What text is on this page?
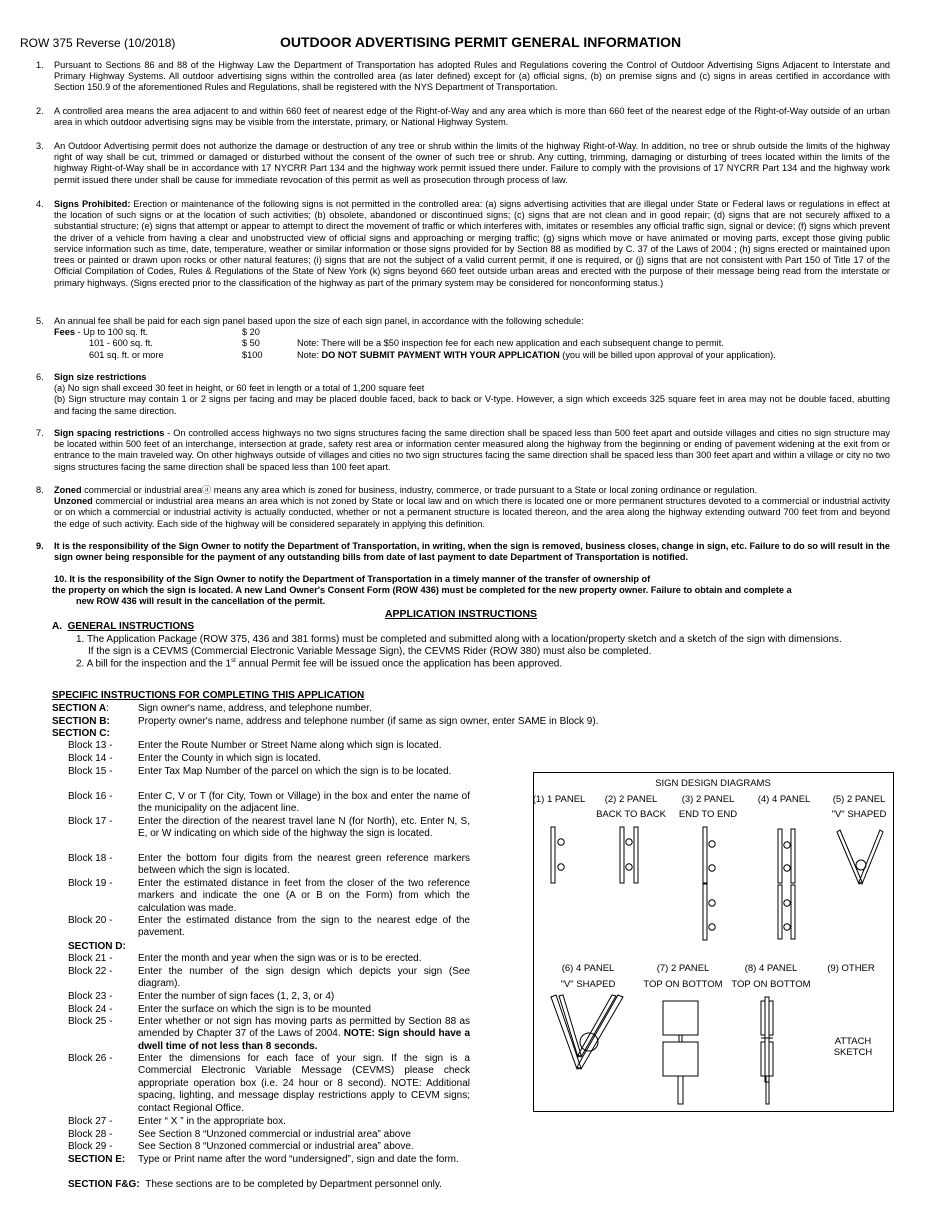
ROW 375 Reverse (10/2018)	OUTDOOR ADVERTISING PERMIT GENERAL INFORMATION
1. Pursuant to Sections 86 and 88 of the Highway Law the Department of Transportation has adopted Rules and Regulations covering the Control of Outdoor Advertising Signs Adjacent to Interstate and Primary Highway Systems. All outdoor advertising signs within the controlled area (as later defined) except for (a) official signs, (b) on premise signs and (c) signs in areas certified in accordance with Section 150.9 of the aforementioned Rules and Regulations, shall be registered with the NYS Department of Transportation.
2. A controlled area means the area adjacent to and within 660 feet of nearest edge of the Right-of-Way and any area which is more than 660 feet of the nearest edge of the Right-of-Way outside of an urban area in which outdoor advertising signs may be visible from the interstate, primary, or National Highway System.
3. An Outdoor Advertising permit does not authorize the damage or destruction of any tree or shrub within the limits of the highway Right-of-Way. In addition, no tree or shrub outside the limits of the highway right of way shall be cut, trimmed or damaged or disturbed without the consent of the owner of such tree or shrub. Any cutting, trimming, damaging or disturbing of trees located within the limits of the highway Right-of-Way shall be in accordance with 17 NYCRR Part 134 and the highway work permit issued there under. Failure to comply with the provisions of 17 NYCRR Part 134 and the highway work permit issued there under shall be cause for immediate revocation of this permit as well as prosecution through process of law.
4. Signs Prohibited: Erection or maintenance of the following signs is not permitted in the controlled area: (a) signs advertising activities that are illegal under State or Federal laws or regulations in effect at the location of such signs or at the location of such activities; (b) obsolete, abandoned or discontinued signs; (c) signs that are not clean and in good repair; (d) signs that are not securely affixed to a substantial structure; (e) signs that attempt or appear to attempt to direct the movement of traffic or which interferes with, imitates or resembles any official traffic sign, signal or device; (f) signs which prevent the driver of a vehicle from having a clear and unobstructed view of official signs and approaching or merging traffic; (g) signs which move or have animated or moving parts, except those giving public service information such as time, date, temperature, weather or similar information or those signs provided for by Section 88 as modified by C. 37 of the Laws of 2004 ; (h) signs erected or maintained upon trees or painted or drawn upon rocks or other natural features; (i) signs that are not the subject of a valid current permit, if one is required, or (j) signs that are not consistent with Part 150 of Title 17 of the Official Compilation of Codes, Rules & Regulations of the State of New York (k) signs beyond 660 feet outside urban areas and erected with the purpose of their message being read from the interstate or primary highways. (Signs erected prior to the classification of the highway as part of the primary system may be considered for nonconforming status.)
5. An annual fee shall be paid for each sign panel based upon the size of each sign panel, in accordance with the following schedule:
Fees - Up to 100 sq. ft.	$ 20	
101 - 600 sq. ft.	$ 50	Note: There will be a $50 inspection fee for each new application and each subsequent change to permit.
601 sq. ft. or more	$100	Note: DO NOT SUBMIT PAYMENT WITH YOUR APPLICATION (you will be billed upon approval of your application).
6. Sign size restrictions
(a) No sign shall exceed 30 feet in height, or 60 feet in length or a total of 1,200 square feet
(b) Sign structure may contain 1 or 2 signs per facing and may be placed double faced, back to back or V-type. However, a sign which exceeds 325 square feet in area may not be double faced, abutting and facing the same direction.
7. Sign spacing restrictions - On controlled access highways no two signs structures facing the same direction shall be spaced less than 500 feet apart and outside villages and cities no sign structure may be located within 500 feet of an interchange, intersection at grade, safety rest area or information center measured along the highway from the beginning or ending of pavement widening at the exit from or entrance to the main traveled way. On other highways outside of villages and cities no two sign structures facing the same direction shall be spaced less than 300 feet apart and within a village or city no two signs structures facing the same direction shall be spaced less than 100 feet apart.
8. Zoned commercial or industrial areaⓐ means any area which is zoned for business, industry, commerce, or trade pursuant to a State or local zoning ordinance or regulation.
Unzoned commercial or industrial area means an area which is not zoned by State or local law and on which there is located one or more permanent structures devoted to a commercial or industrial activity or on which a commercial or industrial activity is actually conducted, whether or not a permanent structure is located thereon, and the area along the highway extending outward 700 feet from and beyond the edge of such activity. Each side of the highway will be considered separately in applying this definition.
9. It is the responsibility of the Sign Owner to notify the Department of Transportation, in writing, when the sign is removed, business closes, change in sign, etc. Failure to do so will result in the sign owner being responsible for the payment of any outstanding bills from date of last payment to date Department of Transportation is notified.
10. It is the responsibility of the Sign Owner to notify the Department of Transportation in a timely manner of the transfer of ownership of
the property on which the sign is located. A new Land Owner's Consent Form (ROW 436) must be completed for the new property owner. Failure to obtain and complete a
new ROW 436 will result in the cancellation of the permit.
APPLICATION INSTRUCTIONS
A. GENERAL INSTRUCTIONS
1. The Application Package (ROW 375, 436 and 381 forms) must be completed and submitted along with a location/property sketch and a sketch of the sign with dimensions.
If the sign is a CEVMS (Commercial Electronic Variable Message Sign), the CEVMS Rider (ROW 380) must also be completed.
2. A bill for the inspection and the 1st annual Permit fee will be issued once the application has been approved.
SPECIFIC INSTRUCTIONS FOR COMPLETING THIS APPLICATION
SECTION A:	Sign owner's name, address, and telephone number.
SECTION B:	Property owner's name, address and telephone number (if same as sign owner, enter SAME in Block 9).
SECTION C:
Block 13 -	Enter the Route Number or Street Name along which sign is located.
Block 14 -	Enter the County in which sign is located.
Block 15 -	Enter Tax Map Number of the parcel on which the sign is to be located.
Block 16 -	Enter C, V or T (for City, Town or Village) in the box and enter the name of the municipality on the adjacent line.
Block 17 -	Enter the direction of the nearest travel lane N (for North), etc. Enter N, S, E, or W indicating on which side of the highway the sign is located.
Block 18 -	Enter the bottom four digits from the nearest green reference markers between which the sign is located.
Block 19 -	Enter the estimated distance in feet from the closer of the two reference markers and indicate the one (A or B on the Form) from which the calculation was made.
Block 20 -	Enter the estimated distance from the sign to the nearest edge of the pavement.
Block 21 -	Enter the month and year when the sign was or is to be erected.
Block 22 -	Enter the number of the sign design which depicts your sign (See diagram).
Block 23 -	Enter the number of sign faces (1, 2, 3, or 4)
Block 24 -	Enter the surface on which the sign is to be mounted
Block 25 -	Enter whether or not sign has moving parts as permitted by Section 88 as amended by Chapter 37 of the Laws of 2004. NOTE: Sign should have a dwell time of not less than 8 seconds.
Block 26 -	Enter the dimensions for each face of your sign. If the sign is a Commercial Electronic Variable Message (CEVMS) please check appropriate operation box (i.e. 24 hour or 8 second). NOTE: Additional spacing, lighting, and message display restrictions apply to CEVM signs; contact Regional Office.
Block 27 -	Enter “ X ” in the appropriate box.
Block 28 -	See Section 8 “Unzoned commercial or industrial area” above
Block 29 -	See Section 8 “Unzoned commercial or industrial area” above.
SECTION D:
SECTION E: Type or Print name after the word “undersigned”, sign and date the form.
SECTION F&G: These sections are to be completed by Department personnel only.
SIGN DESIGN DIAGRAMS
(1) 1 PANEL (2) 2 PANEL
BACK TO BACK
(3) 2 PANEL
END TO END
(4) 4 PANEL (5) 2 PANEL
"V" SHAPED
(6) 4 PANEL
"V" SHAPED
(7) 2 PANEL
TOP ON BOTTOM
(8) 4 PANEL
TOP ON BOTTOM
(9) OTHER
ATTACH
SKETCH
